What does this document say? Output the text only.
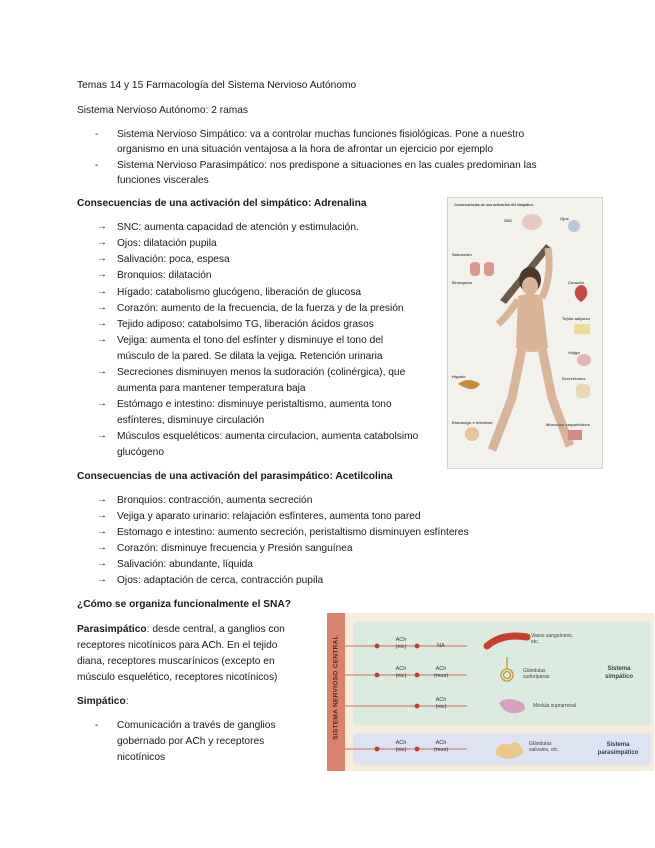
Temas 14 y 15 Farmacología del Sistema Nervioso Autónomo
Sistema Nervioso Autónomo: 2 ramas
- Sistema Nervioso Simpático: va a controlar muchas funciones fisiológicas. Pone a nuestro
organismo en una situación ventajosa a la hora de afrontar un ejercicio por ejemplo
- Sistema Nervioso Parasimpático: nos predispone a situaciones en las cuales predominan las
funciones viscerales
Consecuencias de una activación del simpático: Adrenalina
→ SNC: aumenta capacidad de atención y estimulación.
→ Ojos: dilatación pupila
→ Salivación: poca, espesa
→ Bronquios: dilatación
→ Hígado: catabolismo glucógeno, liberación de glucosa
→ Corazón: aumento de la frecuencia, de la fuerza y de la presión
→ Tejido adiposo: catabolsimo TG, liberación ácidos grasos
→ Vejiga: aumenta el tono del esfínter y disminuye el tono del
músculo de la pared. Se dilata la vejiga. Retención urinaria
→ Secreciones disminuyen menos la sudoración (colinérgica), que
aumenta para mantener temperatura baja
→ Estómago e intestino: disminuye peristaltismo, aumenta tono
esfínteres, disminuye circulación
→ Músculos esqueléticos: aumenta circulacion, aumenta catabolsimo
glucógeno
Consecuencias de una activación del simpático
SNC	Ojos
Salivación
Bronquios
Hígado
Corazón
Tejido adiposo
Vejiga
Secreciones
Estómago e intestino	Músculos esqueléticos
Consecuencias de una activación del parasimpático: Acetilcolina
→ Bronquios: contracción, aumenta secreción
→ Vejiga y aparato urinario: relajación esfínteres, aumenta tono pared
→ Estomago e intestino: aumento secreción, peristaltismo disminuyen esfínteres
→ Corazón: disminuye frecuencia y Presión sanguínea
→ Salivación: abundante, líquida
→ Ojos: adaptación de cerca, contracción pupila
¿Cómo se organiza funcionalmente el SNA?
Parasimpático: desde central, a ganglios con
receptores nicotínicos para ACh. En el tejido
diana, receptores muscarínicos (excepto en
músculo esquelético, receptores nicotínicos)
Simpático:
- Comunicación a través de ganglios
gobernado por ACh y receptores
nicotínicos
SISTEMA NERVIOSO CENTRAL	ACh
(nic)	NA
Vasos sanguíneos, etc.
ACh
(nic)
ACh
(mus)
Glándulas sudoríparas
ACh
(nic)	Médula suprarrenal
ACh
(nic)
ACh
(mus)
Glándulas salivales, etc.
Sistema
simpático
Sistema
parasimpático
